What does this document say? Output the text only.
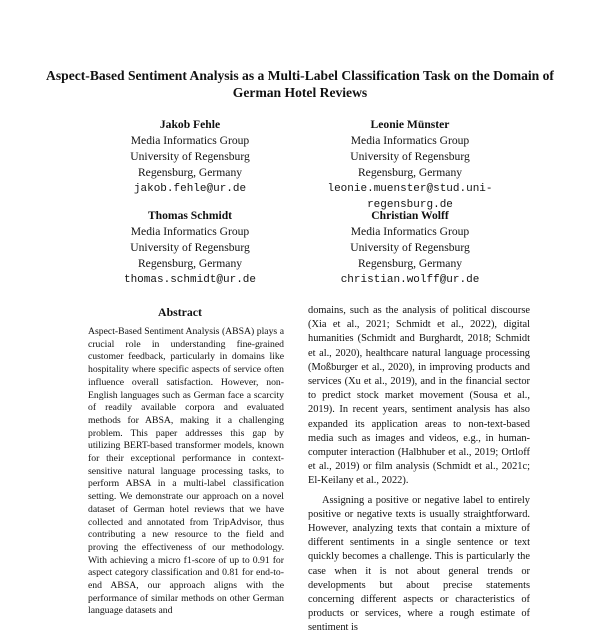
Aspect-Based Sentiment Analysis as a Multi-Label Classification Task on the Domain of German Hotel Reviews
Jakob Fehle
Media Informatics Group
University of Regensburg
Regensburg, Germany
jakob.fehle@ur.de
Leonie Münster
Media Informatics Group
University of Regensburg
Regensburg, Germany
leonie.muenster@stud.uni-regensburg.de
Thomas Schmidt
Media Informatics Group
University of Regensburg
Regensburg, Germany
thomas.schmidt@ur.de
Christian Wolff
Media Informatics Group
University of Regensburg
Regensburg, Germany
christian.wolff@ur.de
Abstract

Aspect-Based Sentiment Analysis (ABSA) plays a crucial role in understanding fine-grained customer feedback, particularly in domains like hospitality where specific aspects of service often influence overall satisfaction. However, non-English languages such as German face a scarcity of readily available corpora and evaluated methods for ABSA, making it a challenging problem. This paper addresses this gap by utilizing BERT-based transformer models, known for their exceptional performance in context-sensitive natural language processing tasks, to perform ABSA in a multi-label classification setting. We demonstrate our approach on a novel dataset of German hotel reviews that we have collected and annotated from TripAdvisor, thus contributing a new resource to the field and proving the effectiveness of our methodology. With achieving a micro f1-score of up to 0.91 for aspect category classification and 0.81 for end-to-end ABSA, our approach aligns with the performance of similar methods on other German language datasets and

domains, such as the analysis of political discourse (Xia et al., 2021; Schmidt et al., 2022), digital humanities (Schmidt and Burghardt, 2018; Schmidt et al., 2020), healthcare natural language processing (Moßburger et al., 2020), in improving products and services (Xu et al., 2019), and in the financial sector to predict stock market movement (Sousa et al., 2019). In recent years, sentiment analysis has also expanded its application areas to non-text-based media such as images and videos, e.g., in human-computer interaction (Halbhuber et al., 2019; Ortloff et al., 2019) or film analysis (Schmidt et al., 2021c; El-Keilany et al., 2022).

Assigning a positive or negative label to entirely positive or negative texts is usually straightforward. However, analyzing texts that contain a mixture of different sentiments in a single sentence or text quickly becomes a challenge. This is particularly the case when it is not about general trends or developments but about precise statements concerning different aspects or characteristics of products or services, where a rough estimate of sentiment is
